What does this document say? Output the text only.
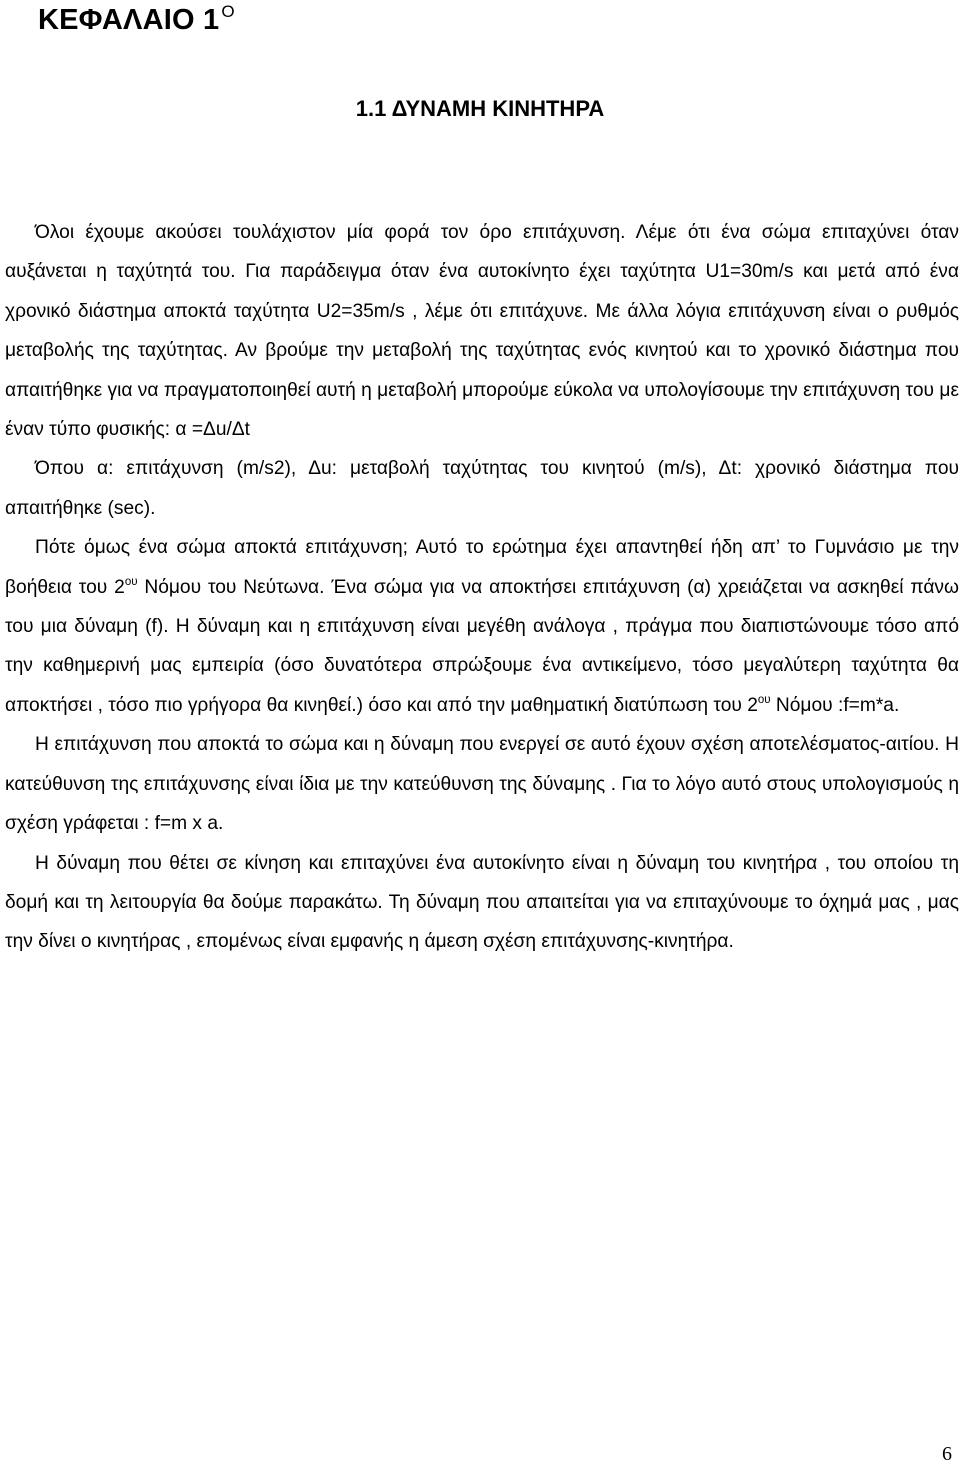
ΚΕΦΑΛΑΙΟ 1 $^O$
1.1 ΔΥΝΑΜΗ ΚΙΝΗΤΗΡΑ

Όλοι έχουμε ακούσει τουλάχιστον μία φορά τον όρο επιτάχυνση. Λέμε ότι ένα σώμα επιταχύνει όταν αυξάνεται η ταχύτητά του. Για παράδειγμα όταν ένα αυτοκίνητο έχει ταχύτητα U1=30m/s και μετά από ένα χρονικό διάστημα αποκτά ταχύτητα U2=35m/s , λέμε ότι επιτάχυνε. Με άλλα λόγια επιτάχυνση είναι ο ρυθμός μεταβολής της ταχύτητας. Αν βρούμε την μεταβολή της ταχύτητας ενός κινητού και το χρονικό διάστημα που απαιτήθηκε για να πραγματοποιηθεί αυτή η μεταβολή μπορούμε εύκολα να υπολογίσουμε την επιτάχυνση του με έναν τύπο φυσικής: α =Δu/Δt

Όπου α: επιτάχυνση (m/s2), Δu: μεταβολή ταχύτητας του κινητού (m/s), Δt: χρονικό διάστημα που απαιτήθηκε (sec).

Πότε όμως ένα σώμα αποκτά επιτάχυνση; Αυτό το ερώτημα έχει απαντηθεί ήδη απ’ το Γυμνάσιο με την βοήθεια του $2^{o\upsilon}$ Νόμου του Νεύτωνα. Ένα σώμα για να αποκτήσει επιτάχυνση (α) χρειάζεται να ασκηθεί πάνω του μια δύναμη (f). Η δύναμη και η επιτάχυνση είναι μεγέθη ανάλογα , πράγμα που διαπιστώνουμε τόσο από την καθημερινή μας εμπειρία (όσο δυνατότερα σπρώξουμε ένα αντικείμενο, τόσο μεγαλύτερη ταχύτητα θα αποκτήσει , τόσο πιο γρήγορα θα κινηθεί.) όσο και από την μαθηματική διατύπωση του $2^{o\upsilon}$ Νόμου :f=m*a.

Η επιτάχυνση που αποκτά το σώμα και η δύναμη που ενεργεί σε αυτό έχουν σχέση αποτελέσματος-αιτίου. Η κατεύθυνση της επιτάχυνσης είναι ίδια με την κατεύθυνση της δύναμης . Για το λόγο αυτό στους υπολογισμούς η σχέση γράφεται : f=m x a.

Η δύναμη που θέτει σε κίνηση και επιταχύνει ένα αυτοκίνητο είναι η δύναμη του κινητήρα , του οποίου τη δομή και τη λειτουργία θα δούμε παρακάτω. Τη δύναμη που απαιτείται για να επιταχύνουμε το όχημά μας , μας την δίνει ο κινητήρας , επομένως είναι εμφανής η άμεση σχέση επιτάχυνσης-κινητήρα.

6
